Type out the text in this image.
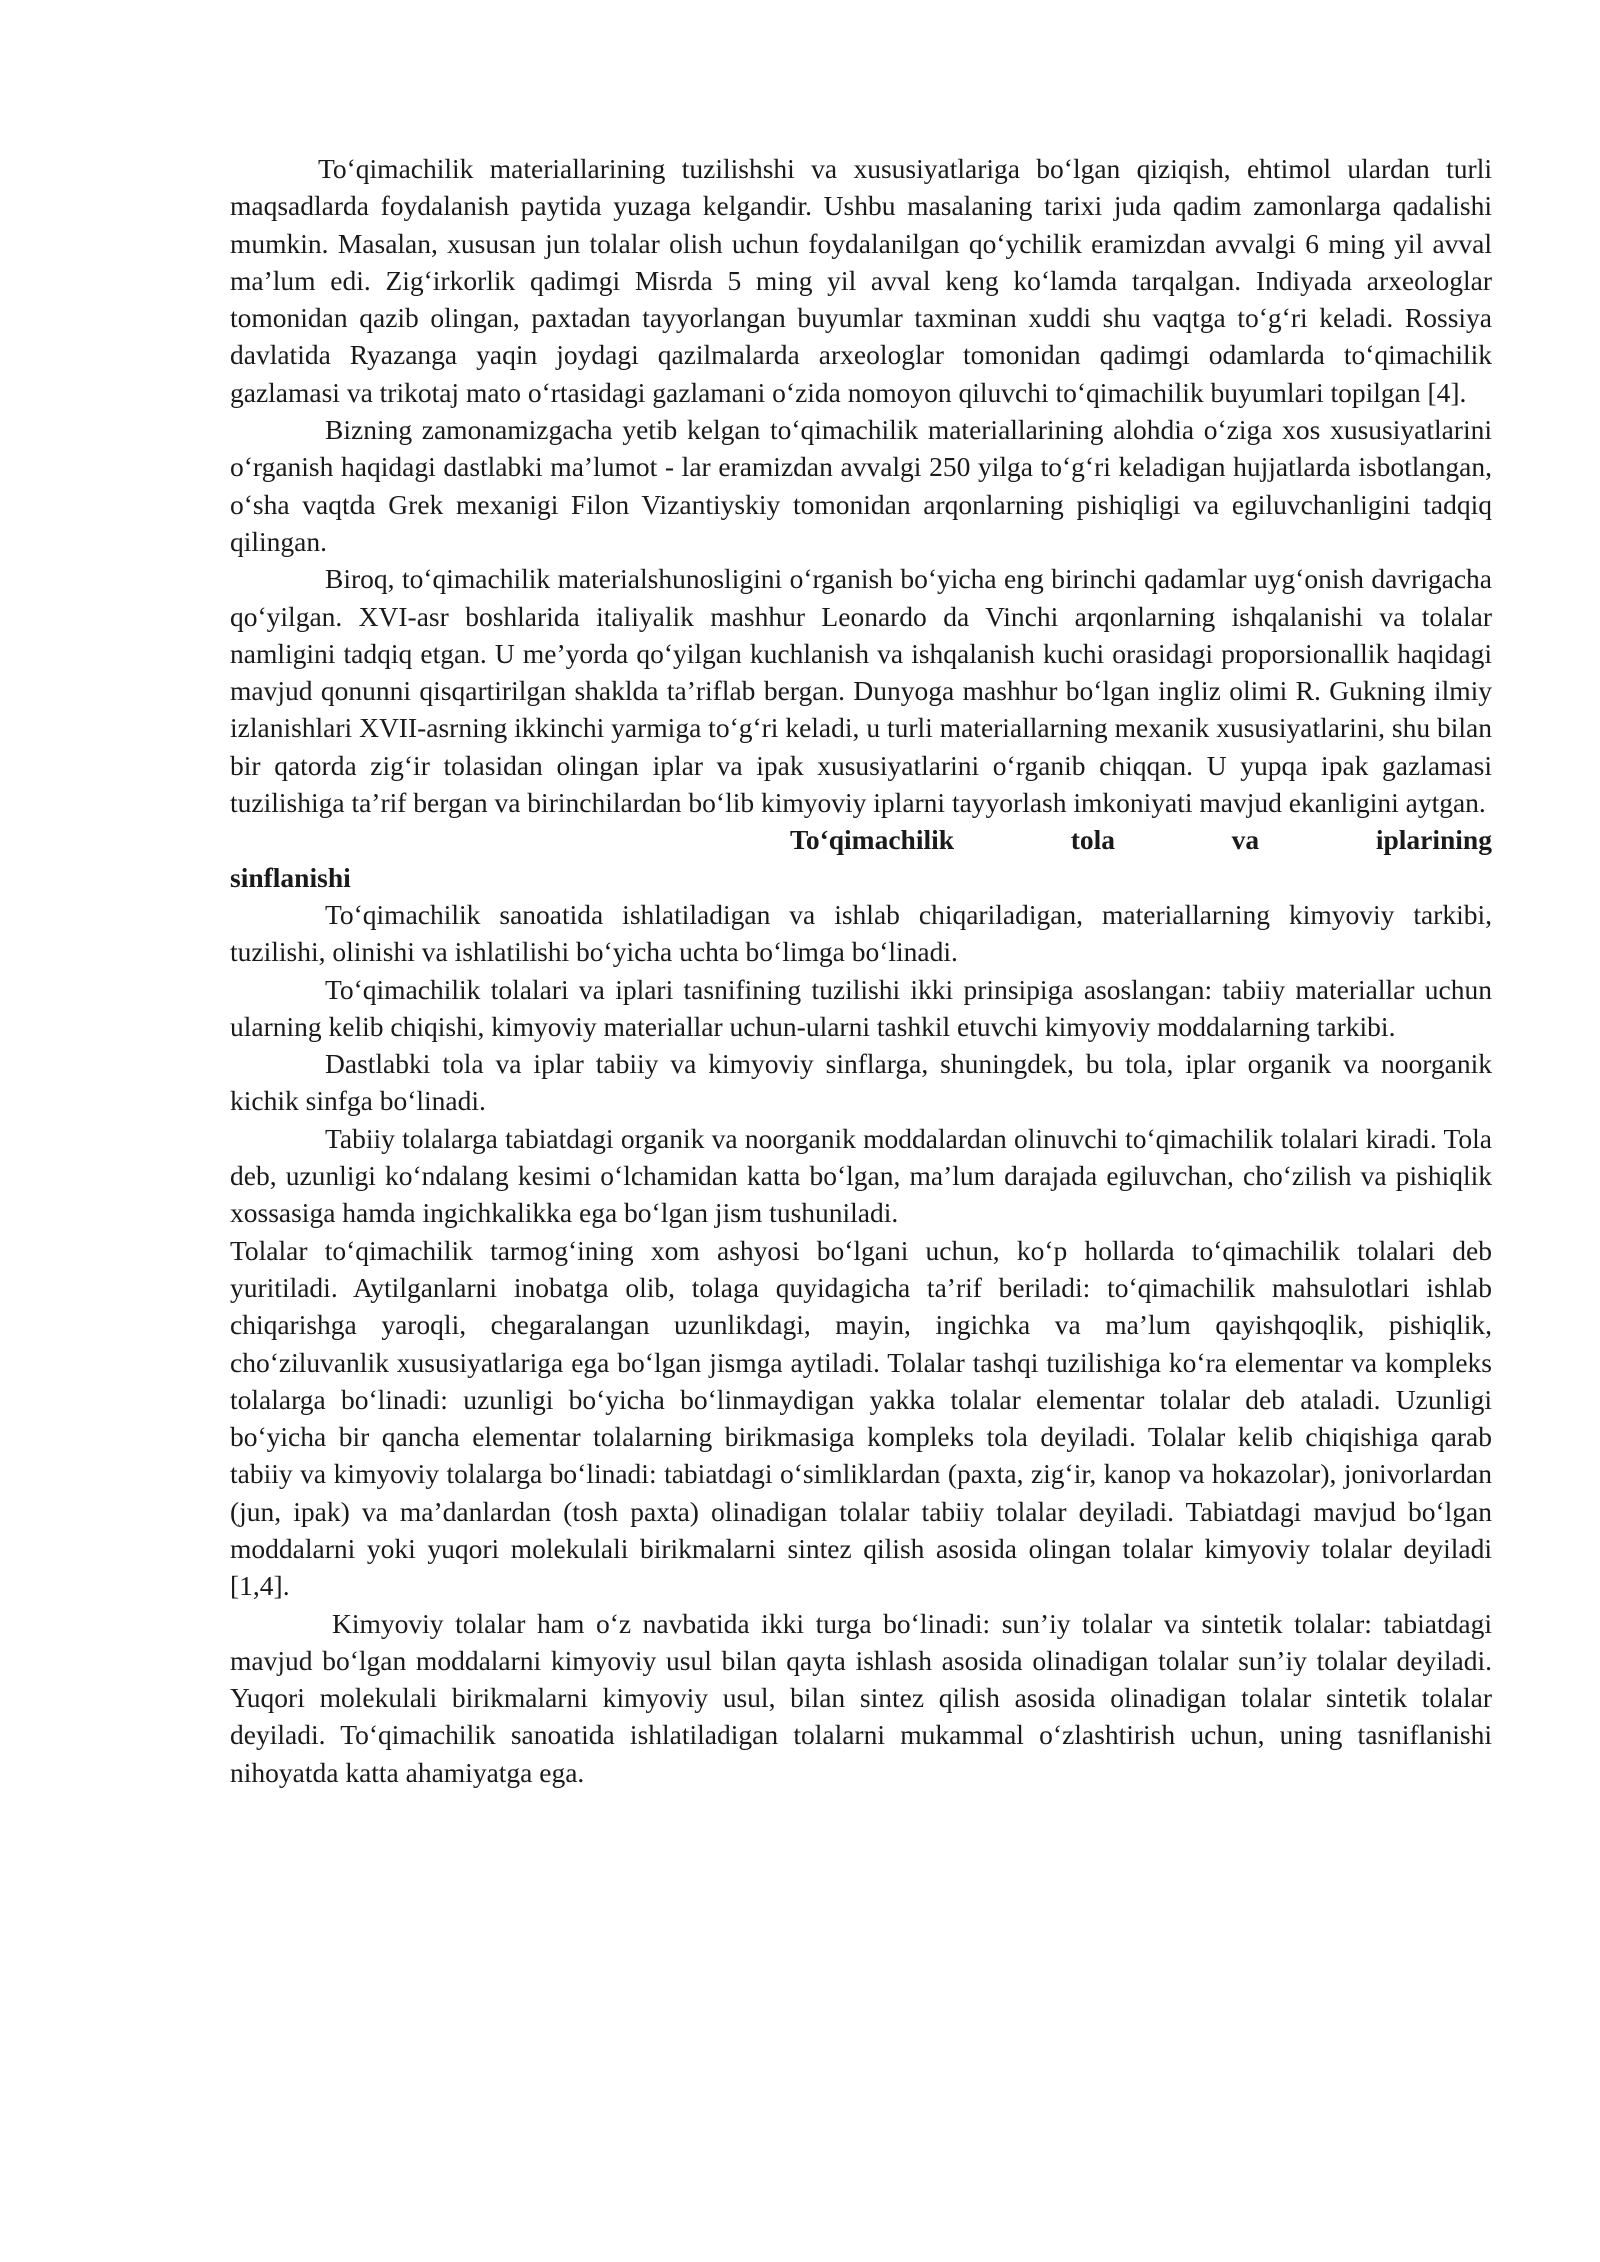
To‘qimachilik materiallarining tuzilishshi va xususiyatlariga bo‘lgan qiziqish, ehtimol ulardan turli maqsadlarda foydalanish paytida yuzaga kelgandir. Ushbu masalaning tarixi juda qadim zamonlarga qadalishi mumkin. Masalan, xususan jun tolalar olish uchun foydalanilgan qo‘ychilik eramizdan avvalgi 6 ming yil avval ma’lum edi. Zig‘irkorlik qadimgi Misrda 5 ming yil avval keng ko‘lamda tarqalgan. Indiyada arxeologlar tomonidan qazib olingan, paxtadan tayyorlangan buyumlar taxminan xuddi shu vaqtga to‘g‘ri keladi. Rossiya davlatida Ryazanga yaqin joydagi qazilmalarda arxeologlar tomonidan qadimgi odamlarda to‘qimachilik gazlamasi va trikotaj mato o‘rtasidagi gazlamani o‘zida nomoyon qiluvchi to‘qimachilik buyumlari topilgan [4].

Bizning zamonamizgacha yetib kelgan to‘qimachilik materiallarining alohdia o‘ziga xos xususiyatlarini o‘rganish haqidagi dastlabki ma’lumot - lar eramizdan avvalgi 250 yilga to‘g‘ri keladigan hujjatlarda isbotlangan, o‘sha vaqtda Grek mexanigi Filon Vizantiyskiy tomonidan arqonlarning pishiqligi va egiluvchanligini tadqiq qilingan.

Biroq, to‘qimachilik materialshunosligini o‘rganish bo‘yicha eng birinchi qadamlar uyg‘onish davrigacha qo‘yilgan. XVI-asr boshlarida italiyalik mashhur Leonardo da Vinchi arqonlarning ishqalanishi va tolalar namligini tadqiq etgan. U me’yorda qo‘yilgan kuchlanish va ishqalanish kuchi orasidagi proporsionallik haqidagi mavjud qonunni qisqartirilgan shaklda ta’riflab bergan. Dunyoga mashhur bo‘lgan ingliz olimi R. Gukning ilmiy izlanishlari XVII-asrning ikkinchi yarmiga to‘g‘ri keladi, u turli materiallarning mexanik xususiyatlarini, shu bilan bir qatorda zig‘ir tolasidan olingan iplar va ipak xususiyatlarini o‘rganib chiqqan. U yupqa ipak gazlamasi tuzilishiga ta’rif bergan va birinchilardan bo‘lib kimyoviy iplarni tayyorlash imkoniyati mavjud ekanligini aytgan.

To‘qimachilik	tola	va	iplarining

sinflanishi

To‘qimachilik sanoatida ishlatiladigan va ishlab chiqariladigan, materiallarning kimyoviy tarkibi, tuzilishi, olinishi va ishlatilishi bo‘yicha uchta bo‘limga bo‘linadi.

To‘qimachilik tolalari va iplari tasnifining tuzilishi ikki prinsipiga asoslangan: tabiiy materiallar uchun ularning kelib chiqishi, kimyoviy materiallar uchun-ularni tashkil etuvchi kimyoviy moddalarning tarkibi.

Dastlabki tola va iplar tabiiy va kimyoviy sinflarga, shuningdek, bu tola, iplar organik va noorganik kichik sinfga bo‘linadi.

Tabiiy tolalarga tabiatdagi organik va noorganik moddalardan olinuvchi to‘qimachilik tolalari kiradi. Tola deb, uzunligi ko‘ndalang kesimi o‘lchamidan katta bo‘lgan, ma’lum darajada egiluvchan, cho‘zilish va pishiqlik xossasiga hamda ingichkalikka ega bo‘lgan jism tushuniladi.

Tolalar to‘qimachilik tarmog‘ining xom ashyosi bo‘lgani uchun, ko‘p hollarda to‘qimachilik tolalari deb yuritiladi. Aytilganlarni inobatga olib, tolaga quyidagicha ta’rif beriladi: to‘qimachilik mahsulotlari ishlab chiqarishga yaroqli, chegaralangan uzunlikdagi, mayin, ingichka va ma’lum qayishqoqlik, pishiqlik, cho‘ziluvanlik xususiyatlariga ega bo‘lgan jismga aytiladi. Tolalar tashqi tuzilishiga ko‘ra elementar va kompleks tolalarga bo‘linadi: uzunligi bo‘yicha bo‘linmaydigan yakka tolalar elementar tolalar deb ataladi. Uzunligi bo‘yicha bir qancha elementar tolalarning birikmasiga kompleks tola deyiladi. Tolalar kelib chiqishiga qarab tabiiy va kimyoviy tolalarga bo‘linadi: tabiatdagi o‘simliklardan (paxta, zig‘ir, kanop va hokazolar), jonivorlardan (jun, ipak) va ma’danlardan (tosh paxta) olinadigan tolalar tabiiy tolalar deyiladi. Tabiatdagi mavjud bo‘lgan moddalarni yoki yuqori molekulali birikmalarni sintez qilish asosida olingan tolalar kimyoviy tolalar deyiladi [1,4].

Kimyoviy tolalar ham o‘z navbatida ikki turga bo‘linadi: sun’iy tolalar va sintetik tolalar: tabiatdagi mavjud bo‘lgan moddalarni kimyoviy usul bilan qayta ishlash asosida olinadigan tolalar sun’iy tolalar deyiladi. Yuqori molekulali birikmalarni kimyoviy usul, bilan sintez qilish asosida olinadigan tolalar sintetik tolalar deyiladi. To‘qimachilik sanoatida ishlatiladigan tolalarni mukammal o‘zlashtirish uchun, uning tasniflanishi nihoyatda katta ahamiyatga ega.
